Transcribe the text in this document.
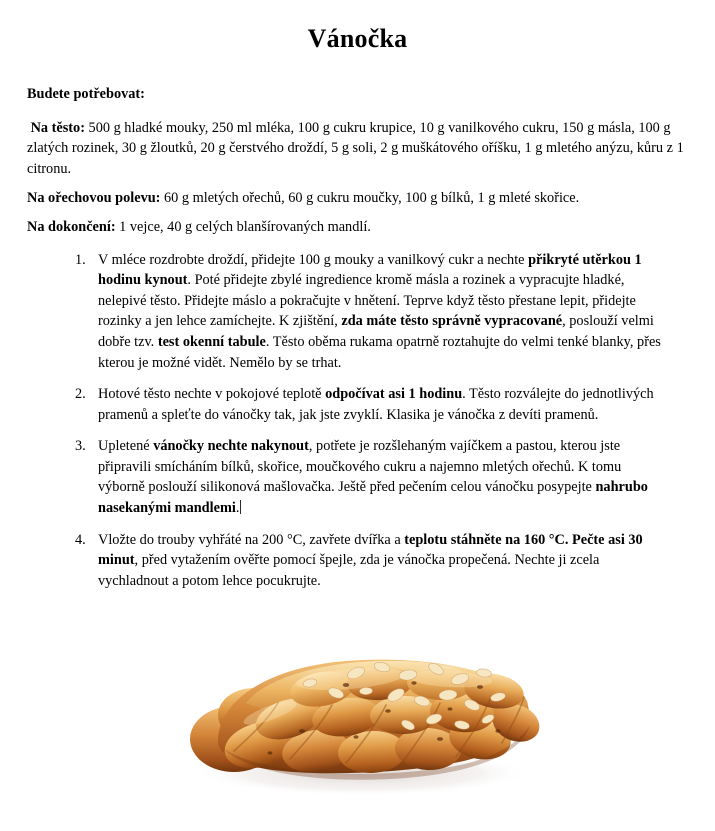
Vánočka

Budete potřebovat:

Na těsto: 500 g hladké mouky, 250 ml mléka, 100 g cukru krupice, 10 g vanilkového cukru, 150 g másla, 100 g zlatých rozinek, 30 g žloutků, 20 g čerstvého droždí, 5 g soli, 2 g muškátového oříšku, 1 g mletého anýzu, kůru z 1 citronu.

Na ořechovou polevu: 60 g mletých ořechů, 60 g cukru moučky, 100 g bílků, 1 g mleté skořice.

Na dokončení: 1 vejce, 40 g celých blanšírovaných mandlí.

V mléce rozdrobte droždí, přidejte 100 g mouky a vanilkový cukr a nechte přikryté utěrkou 1 hodinu kynout. Poté přidejte zbylé ingredience kromě másla a rozinek a vypracujte hladké, nelepivé těsto. Přidejte máslo a pokračujte v hnětení. Teprve když těsto přestane lepit, přidejte rozinky a jen lehce zamíchejte. K zjištění, zda máte těsto správně vypracované, poslouží velmi dobře tzv. test okenní tabule. Těsto oběma rukama opatrně roztahujte do velmi tenké blanky, přes kterou je možné vidět. Nemělo by se trhat.
Hotové těsto nechte v pokojové teplotě odpočívat asi 1 hodinu. Těsto rozválejte do jednotlivých pramenů a spleťte do vánočky tak, jak jste zvyklí. Klasika je vánočka z devíti pramenů.
Upletené vánočky nechte nakynout, potřete je rozšlehaným vajíčkem a pastou, kterou jste připravili smícháním bílků, skořice, moučkového cukru a najemno mletých ořechů. K tomu výborně poslouží silikonová mašlovačka. Ještě před pečením celou vánočku posypejte nahrubo nasekanými mandlemi.
Vložte do trouby vyhřáté na 200 °C, zavřete dvířka a teplotu stáhněte na 160 °C. Pečte asi 30 minut, před vytažením ověřte pomocí špejle, zda je vánočka propečená. Nechte ji zcela vychladnout a potom lehce pocukrujte.
